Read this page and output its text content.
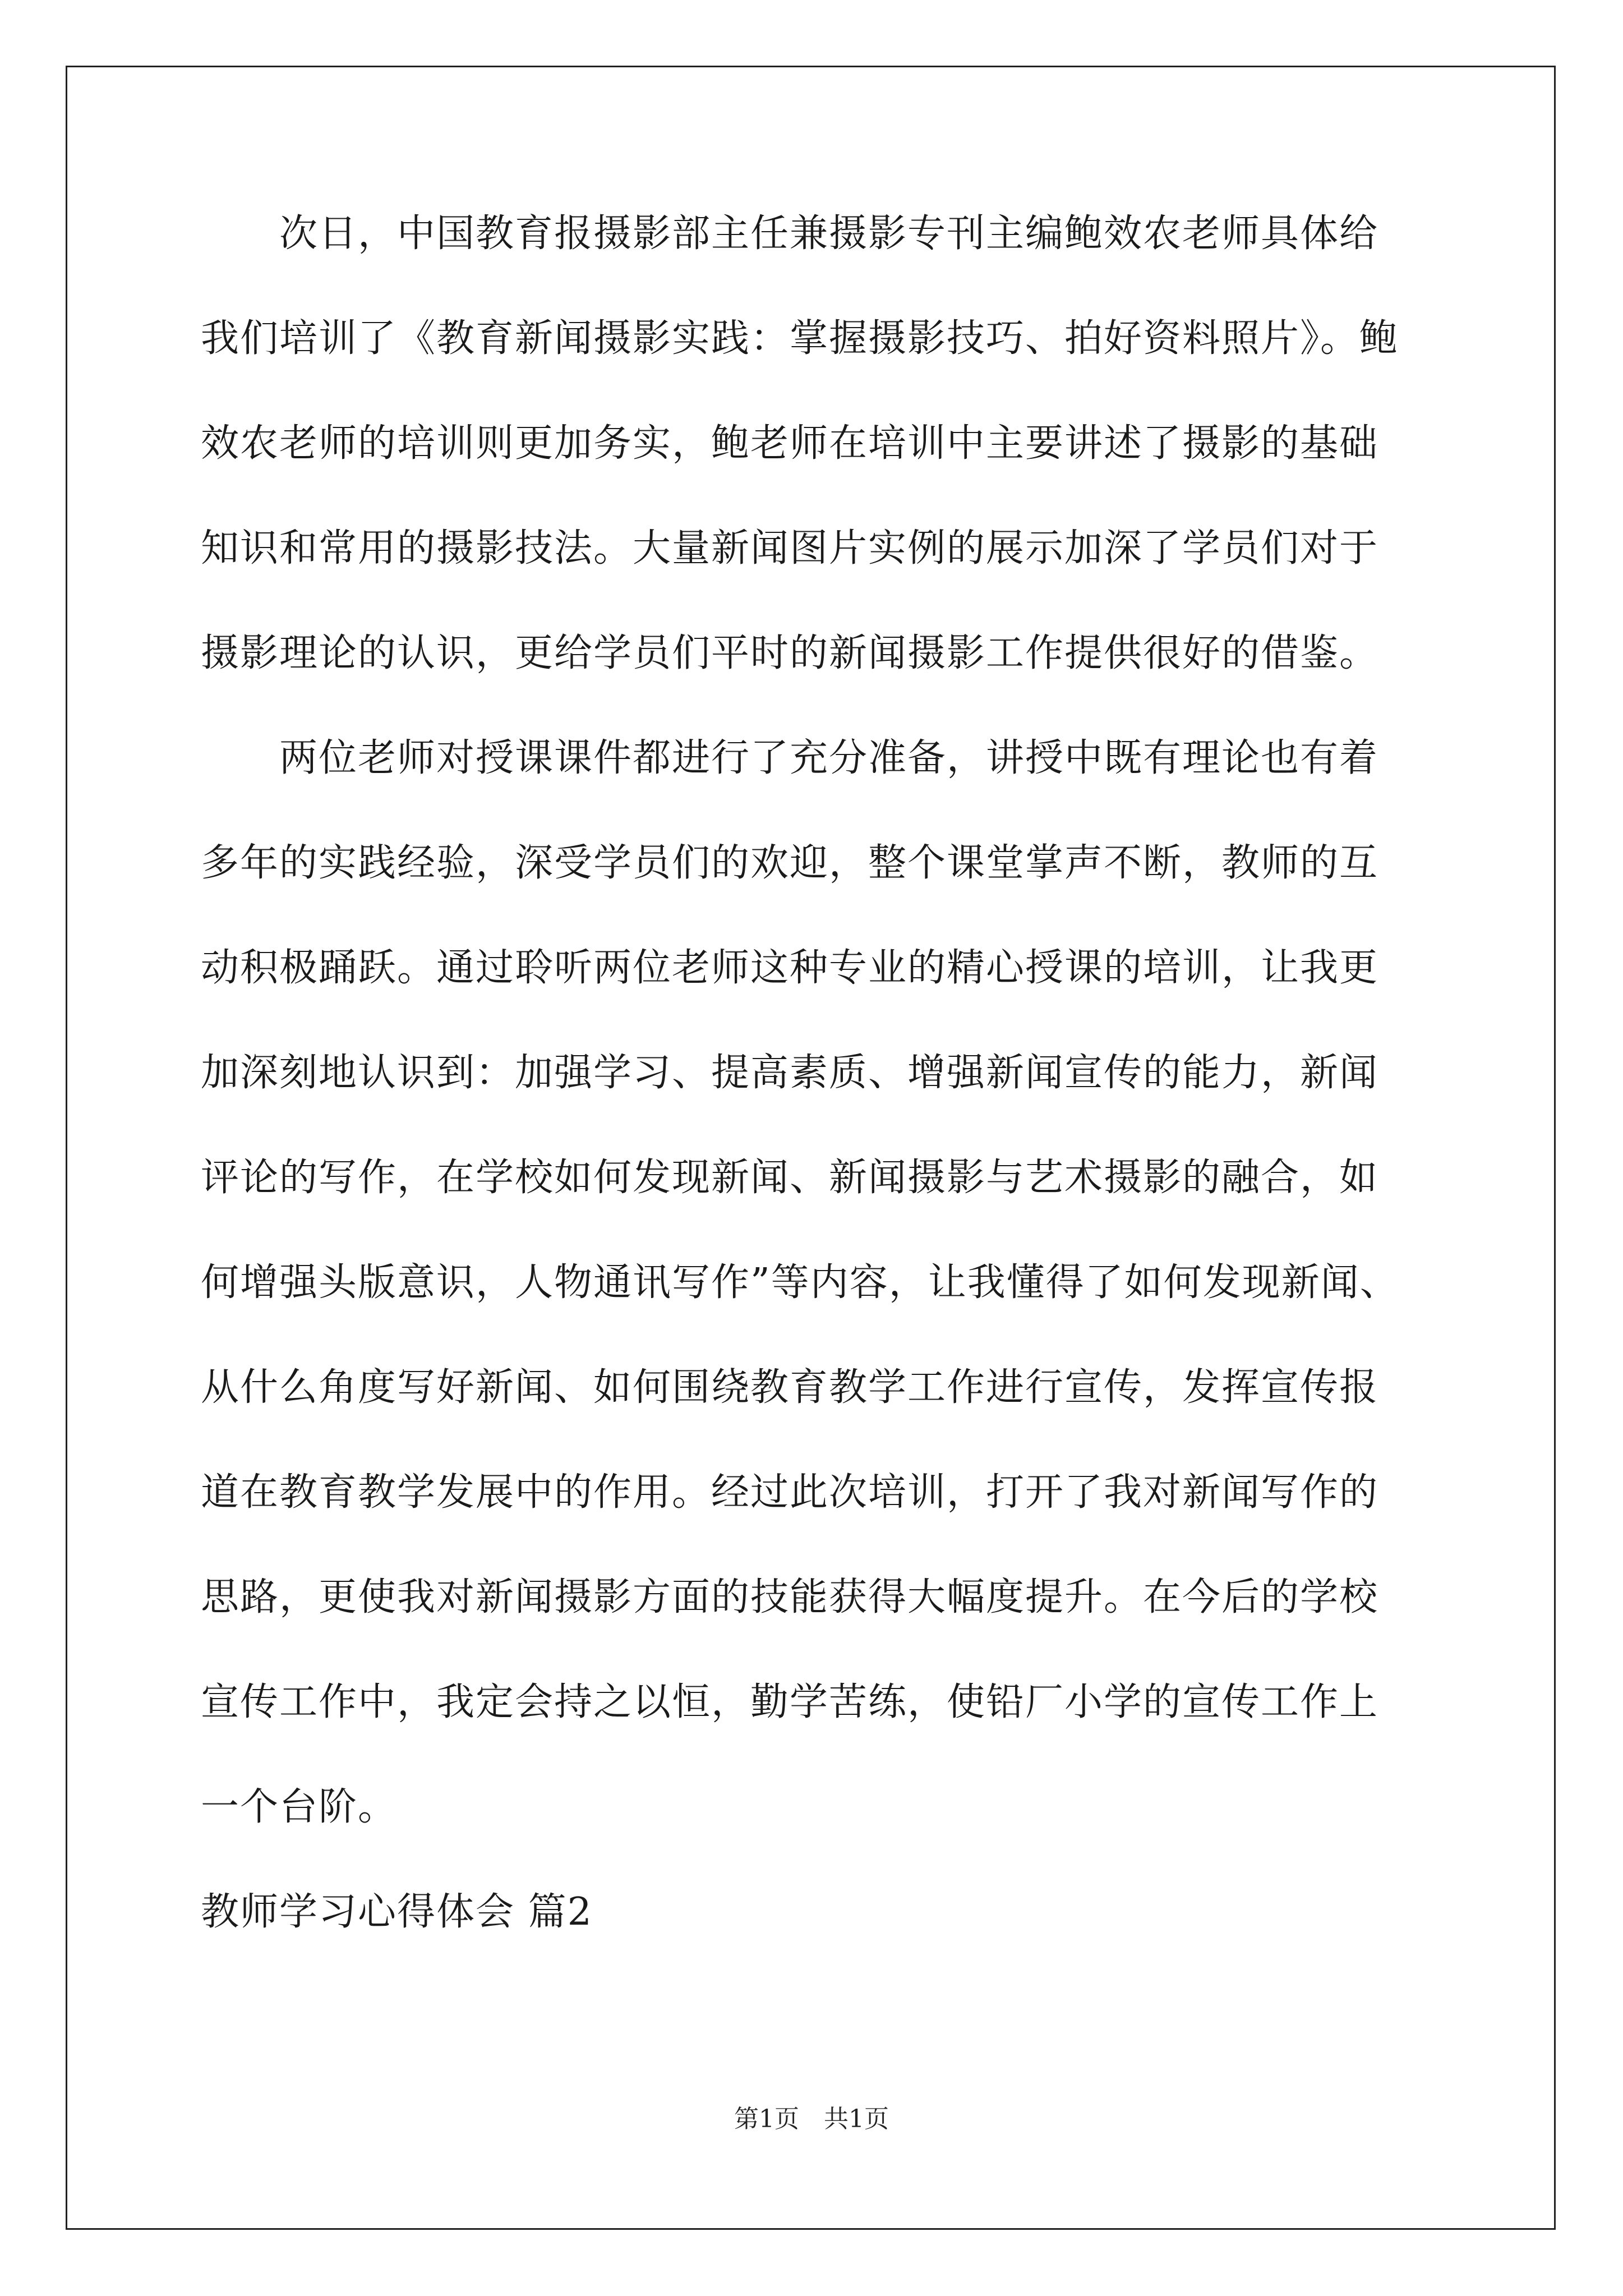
次日，中国教育报摄影部主任兼摄影专刊主编鲍效农老师具体给
我们培训了《教育新闻摄影实践：掌握摄影技巧、拍好资料照片》。鲍
效农老师的培训则更加务实，鲍老师在培训中主要讲述了摄影的基础
知识和常用的摄影技法。大量新闻图片实例的展示加深了学员们对于
摄影理论的认识，更给学员们平时的新闻摄影工作提供很好的借鉴。
两位老师对授课课件都进行了充分准备，讲授中既有理论也有着
多年的实践经验，深受学员们的欢迎，整个课堂掌声不断，教师的互
动积极踊跃。通过聆听两位老师这种专业的精心授课的培训，让我更
加深刻地认识到：加强学习、提高素质、增强新闻宣传的能力，新闻
评论的写作，在学校如何发现新闻、新闻摄影与艺术摄影的融合，如
何增强头版意识，人物通讯写作”等内容，让我懂得了如何发现新闻、
从什么角度写好新闻、如何围绕教育教学工作进行宣传，发挥宣传报
道在教育教学发展中的作用。经过此次培训，打开了我对新闻写作的
思路，更使我对新闻摄影方面的技能获得大幅度提升。在今后的学校
宣传工作中，我定会持之以恒，勤学苦练，使铅厂小学的宣传工作上
一个台阶。
教师学习心得体会 篇2
第1页　共1页
